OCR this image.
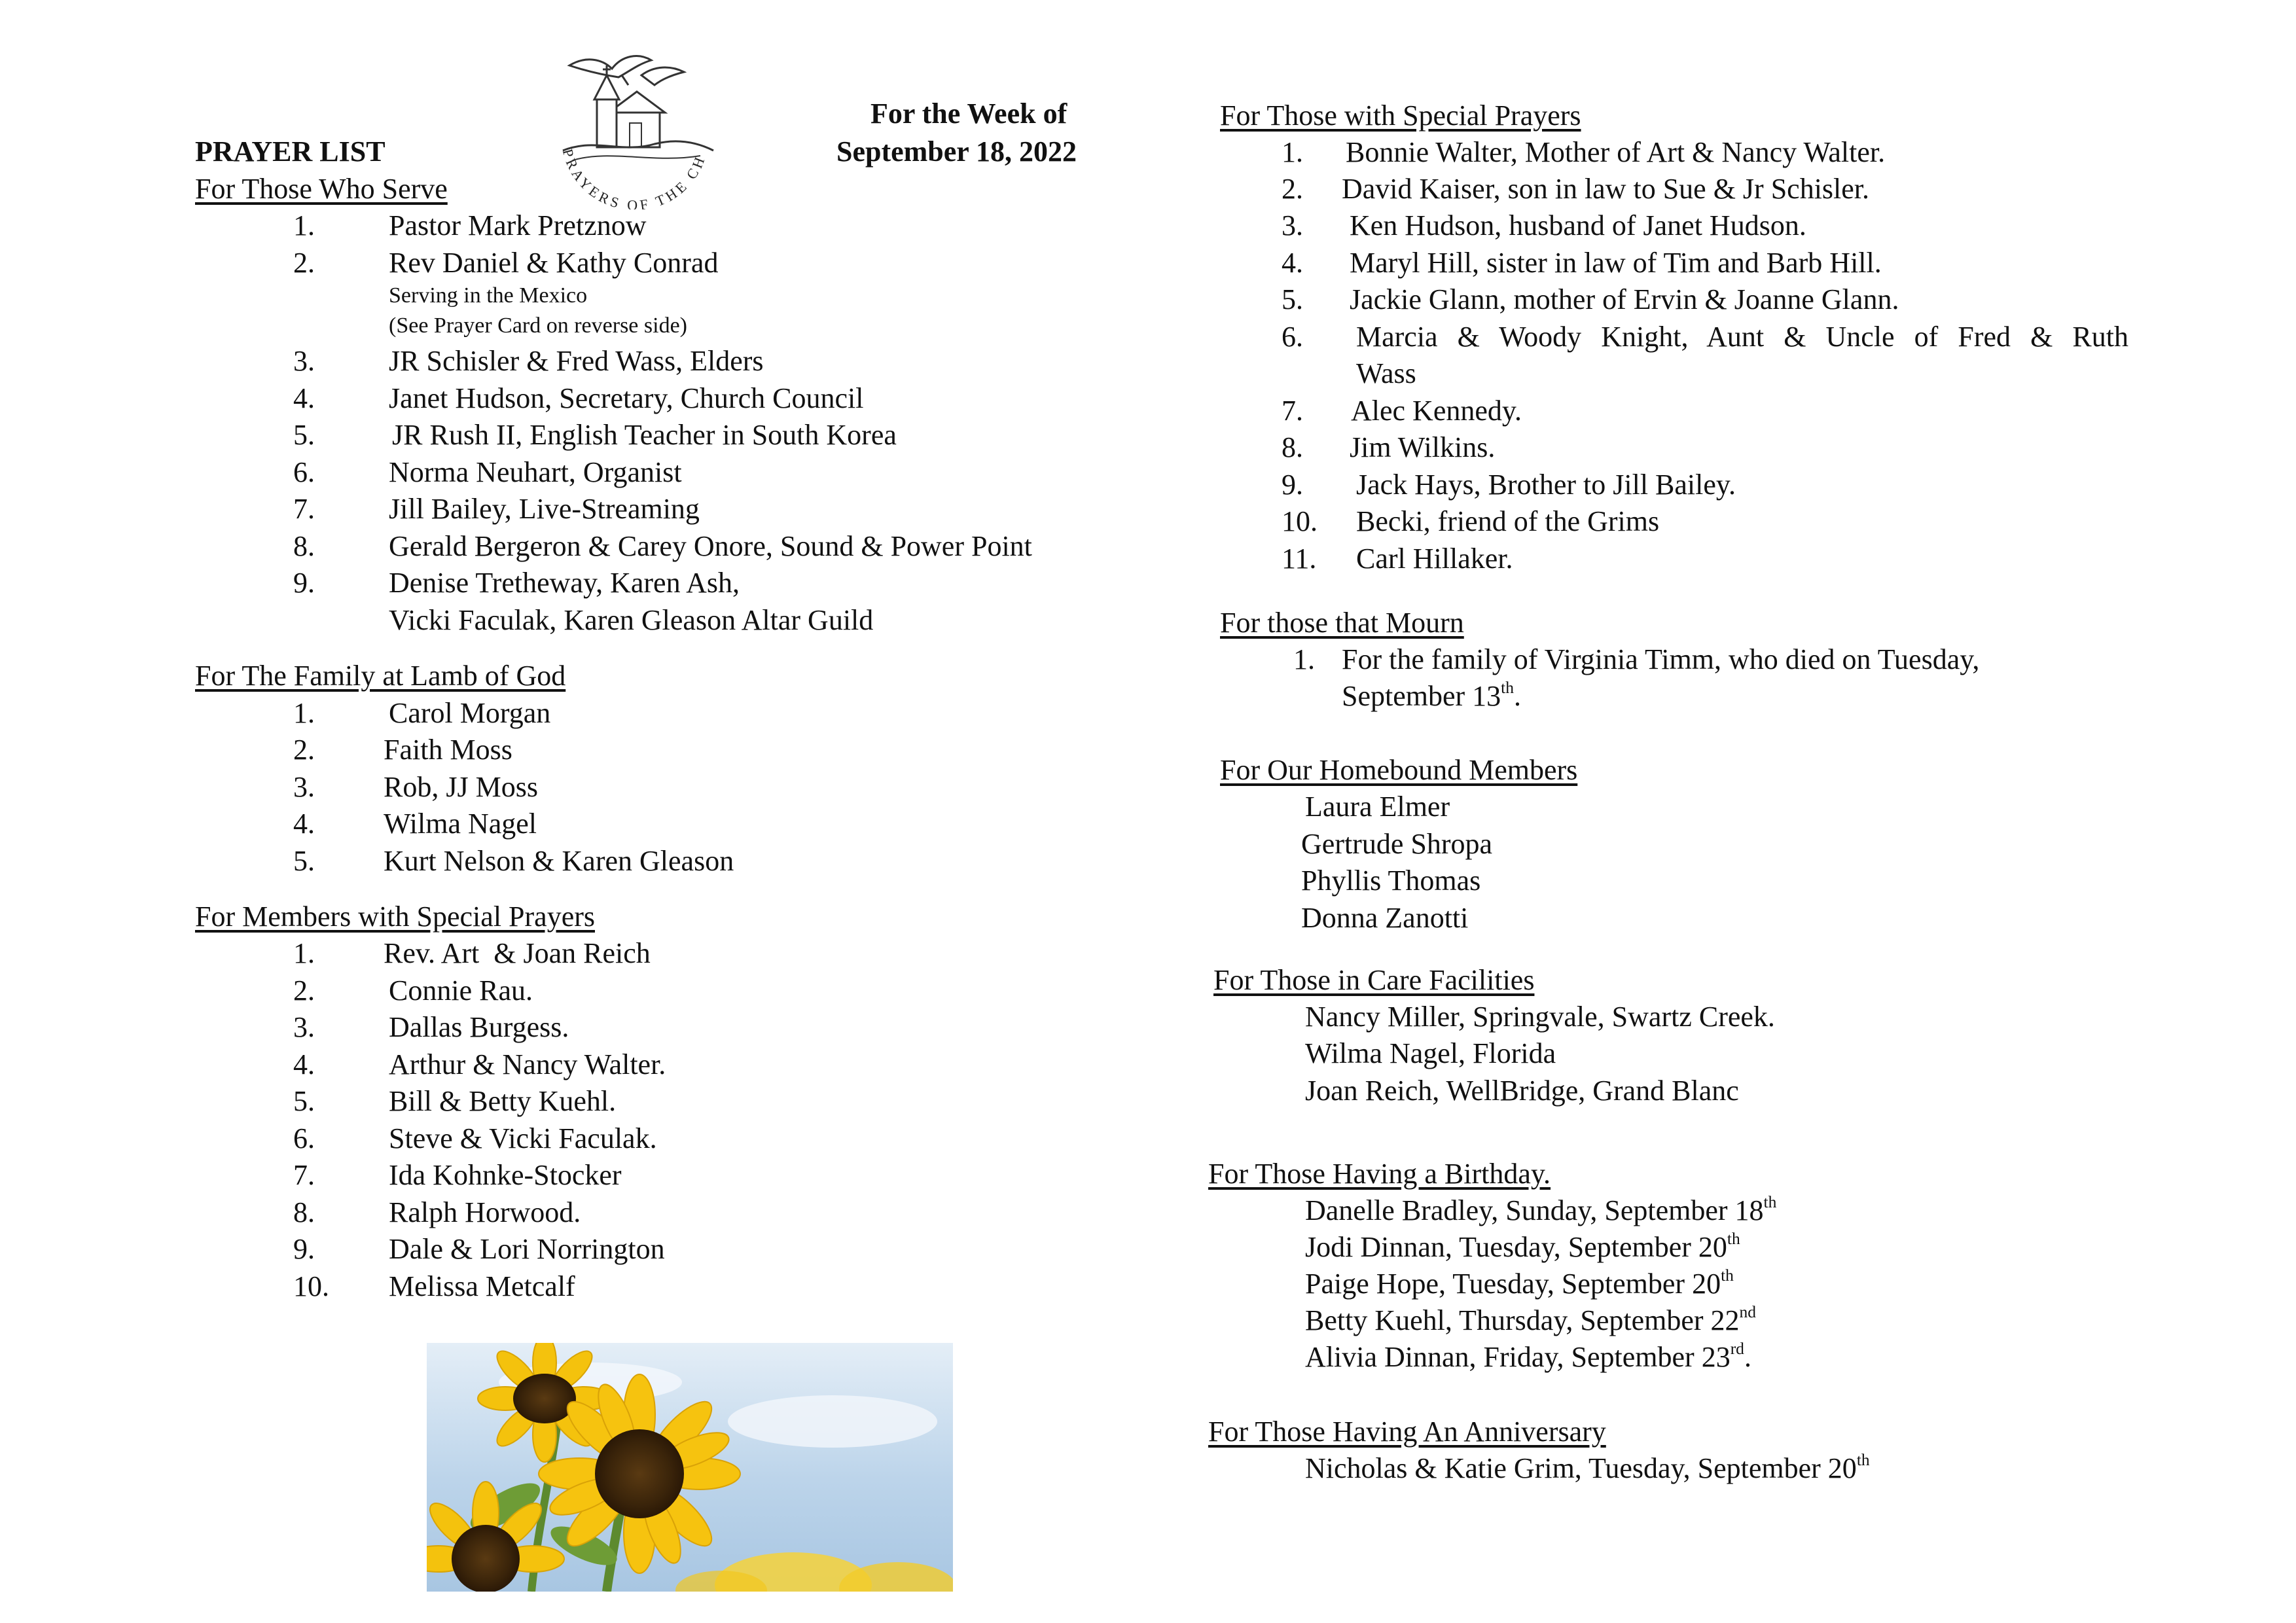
PRAYERS OF THE CH
PRAYER LIST
For the Week of
September 18, 2022
For Those Who Serve
1.	Pastor Mark Pretznow
2.	Rev Daniel & Kathy Conrad
Serving in the Mexico
(See Prayer Card on reverse side)
3.	JR Schisler & Fred Wass, Elders
4.	Janet Hudson, Secretary, Church Council
5.	JR Rush II, English Teacher in South Korea
6.	Norma Neuhart, Organist
7.	Jill Bailey, Live-Streaming
8.	Gerald Bergeron & Carey Onore, Sound & Power Point
9.	Denise Tretheway, Karen Ash,
Vicki Faculak, Karen Gleason Altar Guild
For The Family at Lamb of God
1.	Carol Morgan
2. Faith Moss
3. Rob, JJ Moss
4. Wilma Nagel
5. Kurt Nelson & Karen Gleason
For Members with Special Prayers
1. Rev. Art  & Joan Reich
2.	Connie Rau.
3.	Dallas Burgess.
4.	Arthur & Nancy Walter.
5.	Bill & Betty Kuehl.
6.	Steve & Vicki Faculak.
7.	Ida Kohnke-Stocker
8.	Ralph Horwood.
9.	Dale & Lori Norrington
10. Melissa Metcalf
For Those with Special Prayers
1. Bonnie Walter, Mother of Art & Nancy Walter.
2. David Kaiser, son in law to Sue & Jr Schisler.
3. Ken Hudson, husband of Janet Hudson.
4. Maryl Hill, sister in law of Tim and Barb Hill.
5. Jackie Glann, mother of Ervin & Joanne Glann.
6. Marcia & Woody Knight, Aunt & Uncle of Fred & Ruth
Wass
7. Alec Kennedy.
8. Jim Wilkins.
9. Jack Hays, Brother to Jill Bailey.
10. Becki, friend of the Grims
11. Carl Hillaker.
For those that Mourn
1. For the family of Virginia Timm, who died on Tuesday,
September 13th.
For Our Homebound Members
Laura Elmer
Gertrude Shropa
Phyllis Thomas
Donna Zanotti
For Those in Care Facilities
Nancy Miller, Springvale, Swartz Creek.
Wilma Nagel, Florida
Joan Reich, WellBridge, Grand Blanc
For Those Having a Birthday.
Danelle Bradley, Sunday, September 18th
Jodi Dinnan, Tuesday, September 20th
Paige Hope, Tuesday, September 20th
Betty Kuehl, Thursday, September 22nd
Alivia Dinnan, Friday, September 23rd.
For Those Having An Anniversary
Nicholas & Katie Grim, Tuesday, September 20th
